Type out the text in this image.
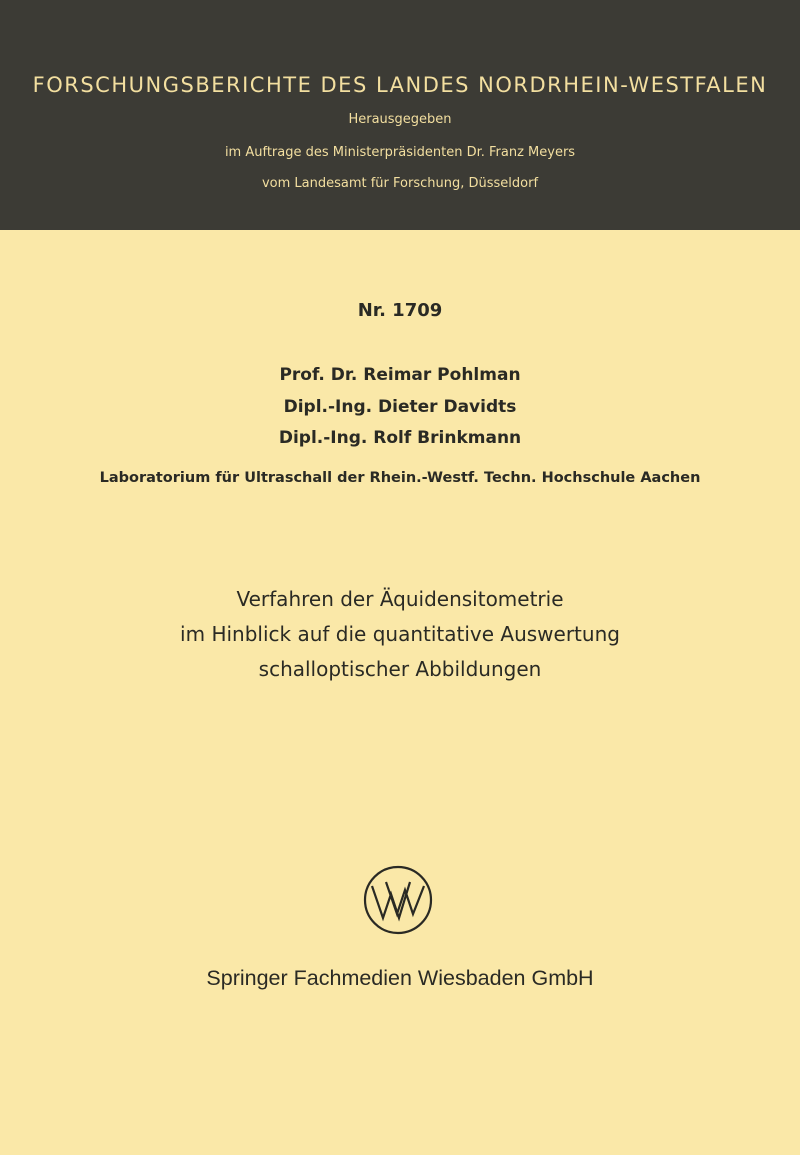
FORSCHUNGSBERICHTE DES LANDES NORDRHEIN-WESTFALEN
Herausgegeben
im Auftrage des Ministerpräsidenten Dr. Franz Meyers
vom Landesamt für Forschung, Düsseldorf
Nr. 1709
Prof. Dr. Reimar Pohlman
Dipl.-Ing. Dieter Davidts
Dipl.-Ing. Rolf Brinkmann
Laboratorium für Ultraschall der Rhein.-Westf. Techn. Hochschule Aachen
Verfahren der Äquidensitometrie
im Hinblick auf die quantitative Auswertung
schalloptischer Abbildungen
Springer Fachmedien Wiesbaden GmbH
